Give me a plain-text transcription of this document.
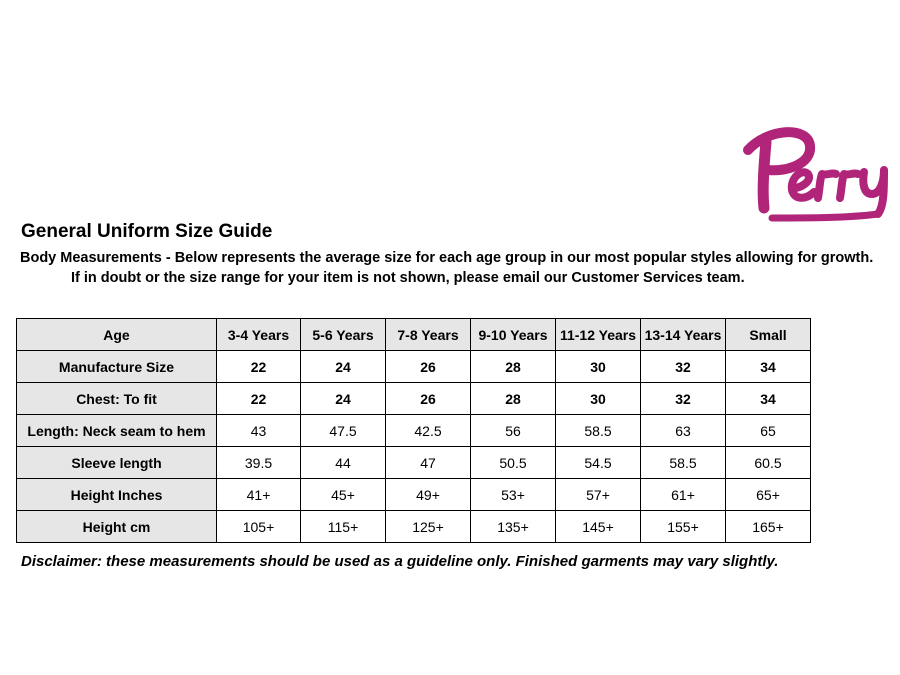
General Uniform Size Guide
Body Measurements - Below represents the average size for each age group in our most popular styles allowing for growth.
If in doubt or the size range for your item is not shown, please email our Customer Services team.
Age	3-4 Years	5-6 Years	7-8 Years	9-10 Years	11-12 Years	13-14 Years	Small
Manufacture Size	22	24	26	28	30	32	34
Chest: To fit	22	24	26	28	30	32	34
Length: Neck seam to hem	43	47.5	42.5	56	58.5	63	65
Sleeve length	39.5	44	47	50.5	54.5	58.5	60.5
Height Inches	41+	45+	49+	53+	57+	61+	65+
Height cm	105+	115+	125+	135+	145+	155+	165+
Disclaimer: these measurements should be used as a guideline only. Finished garments may vary slightly.
